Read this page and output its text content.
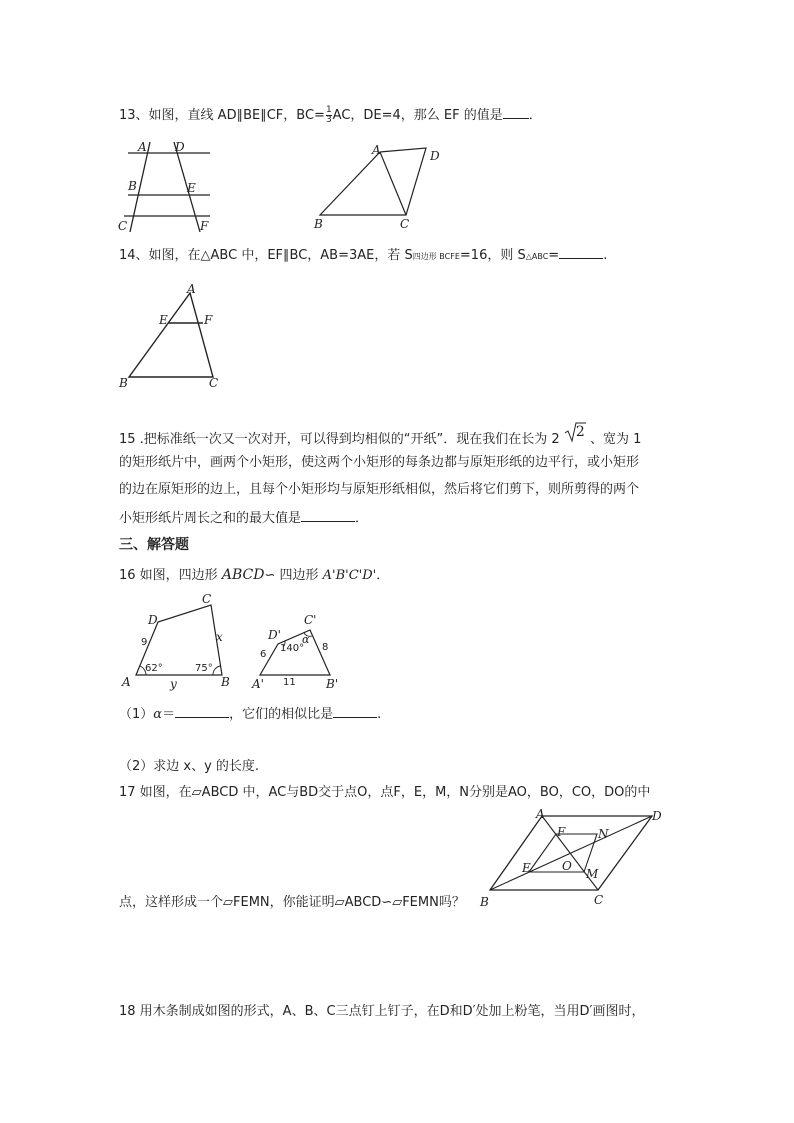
13、如图，直线 AD∥BE∥CF，$BC= \frac{1}{3}$ AC，DE=4，那么 EF 的值是 ．
A D
B	E
C	F
A	D
B	C
14、如图，在△ABC 中，EF∥BC，AB=3AE，若 S四边形 BCFE=16，则 S△ABC=	.
A
E	F
B	C
15 .把标准纸一次又一次对开，可以得到均相似的“开纸”．现在我们在长为 2 2 、宽为 1
的矩形纸片中，画两个小矩形，使这两个小矩形的每条边都与原矩形纸的边平行，或小矩形
的边在原矩形的边上，且每个小矩形均与原矩形纸相似，然后将它们剪下，则所剪得的两个
小矩形纸片周长之和的最大值是	．
三、解答题
16 如图，四边形 ABCD∽ 四边形 A'B'C'D'．
C
D
A	B
9	x
y
62°	75°
C'
D'
A'	B'
6
8
11
140°
α
（1）α＝	，它们的相似比是	.
（2）求边 x、y 的长度.
17 如图，在▱ABCD 中，AC与BD交于点O，点F，E，M，N分别是AO，BO，CO，DO的中
A	D
B	C
F	N
E	O
M
点，这样形成一个▱FEMN，你能证明▱ABCD∽▱FEMN吗？
18 用木条制成如图的形式，A、B、C三点钉上钉子，在D和D′处加上粉笔，当用D′画图时，
